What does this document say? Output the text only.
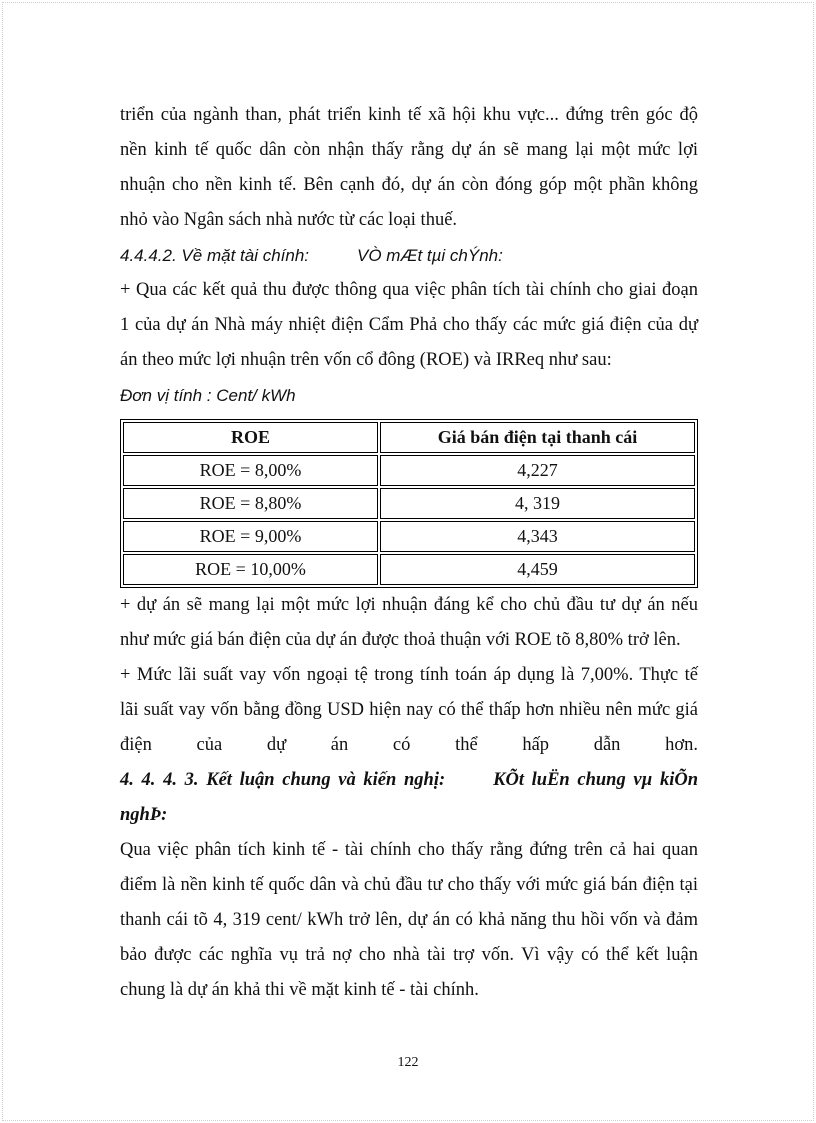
triển của ngành than, phát triển kinh tế xã hội khu vực... đứng trên góc độ

nền kinh tế quốc dân còn nhận thấy rằng dự án sẽ mang lại một mức lợi

nhuận cho nền kinh tế. Bên cạnh đó, dự án còn đóng góp một phần không

nhỏ vào Ngân sách nhà nước từ các loại thuế.

4.4.4.2. Về mặt tài chính:	VÒ mÆt tµi chÝnh:

+ Qua các kết quả thu được thông qua việc phân tích tài chính cho giai đoạn

1 của dự án Nhà máy nhiệt điện Cẩm Phả cho thấy các mức giá điện của dự

án theo mức lợi nhuận trên vốn cổ đông (ROE) và IRReq như sau:

Đơn vị tính : Cent/ kWh

ROE	Giá bán điện tại thanh cái
ROE = 8,00%	4,227
ROE = 8,80%	4, 319
ROE = 9,00%	4,343
ROE = 10,00%	4,459

+ dự án sẽ mang lại một mức lợi nhuận đáng kể cho chủ đầu tư dự án nếu

như mức giá bán điện của dự án được thoả thuận với ROE tõ 8,80% trở lên.

+ Mức lãi suất vay vốn ngoại tệ trong tính toán áp dụng là 7,00%. Thực tế

lãi suất vay vốn bằng đồng USD hiện nay có thể thấp hơn nhiều nên mức giá

điện của dự án có thể hấp dẫn hơn.

4. 4. 4. 3. Kết luận chung và kiến nghị:	KÕt luËn chung vµ kiÕn

nghÞ:

Qua việc phân tích kinh tế - tài chính cho thấy rằng đứng trên cả hai quan

điểm là nền kinh tế quốc dân và chủ đầu tư cho thấy với mức giá bán điện tại

thanh cái tõ 4, 319 cent/ kWh trở lên, dự án có khả năng thu hồi vốn và đảm

bảo được các nghĩa vụ trả nợ cho nhà tài trợ vốn. Vì vậy có thể kết luận

chung là dự án khả thi về mặt kinh tế - tài chính.

122
